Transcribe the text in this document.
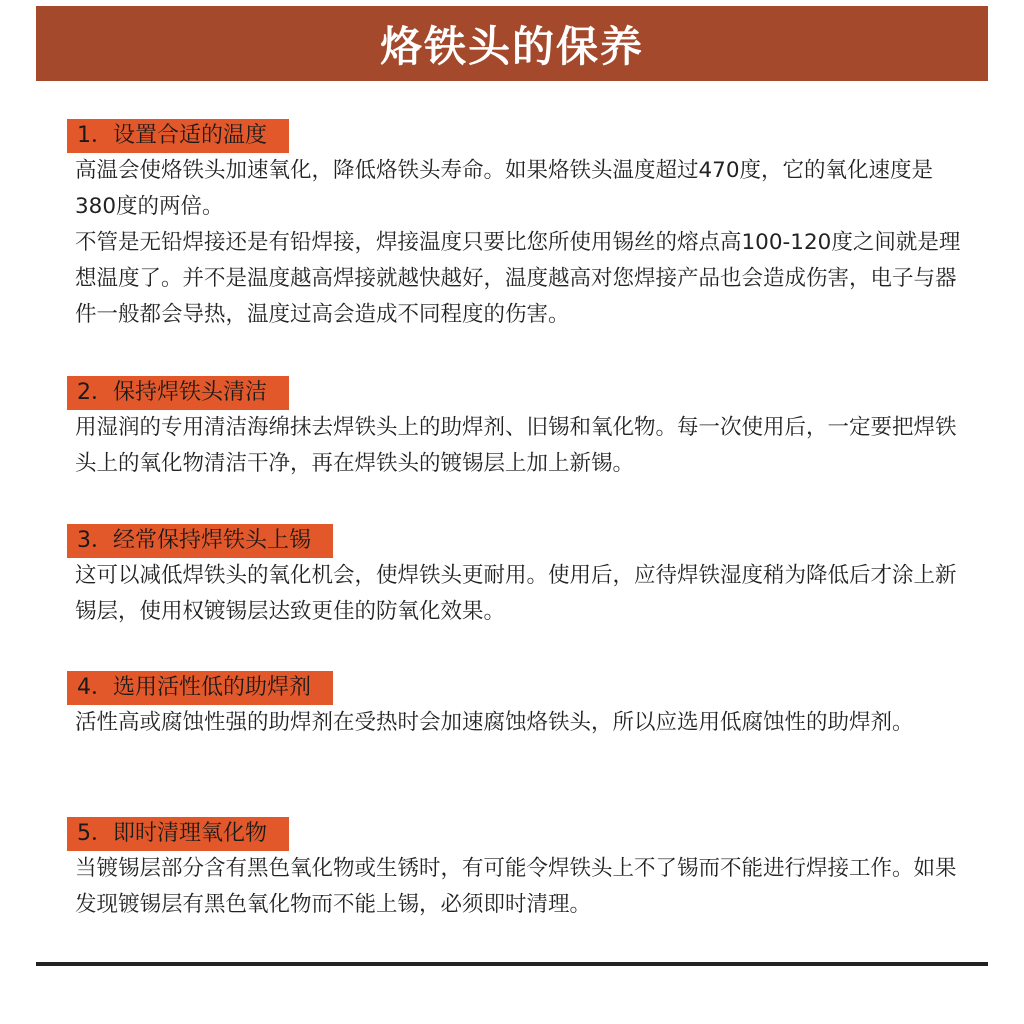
烙铁头的保养
1．设置合适的温度

高温会使烙铁头加速氧化，降低烙铁头寿命。如果烙铁头温度超过470度，它的氧化速度是380度的两倍。

不管是无铅焊接还是有铅焊接，焊接温度只要比您所使用锡丝的熔点高100-120度之间就是理想温度了。并不是温度越高焊接就越快越好，温度越高对您焊接产品也会造成伤害，电子与器件一般都会导热，温度过高会造成不同程度的伤害。

2．保持焊铁头清洁

用湿润的专用清洁海绵抹去焊铁头上的助焊剂、旧锡和氧化物。每一次使用后，一定要把焊铁头上的氧化物清洁干净，再在焊铁头的镀锡层上加上新锡。

3．经常保持焊铁头上锡

这可以减低焊铁头的氧化机会，使焊铁头更耐用。使用后，应待焊铁湿度稍为降低后才涂上新锡层，使用权镀锡层达致更佳的防氧化效果。

4．选用活性低的助焊剂

活性高或腐蚀性强的助焊剂在受热时会加速腐蚀烙铁头，所以应选用低腐蚀性的助焊剂。

5．即时清理氧化物

当镀锡层部分含有黑色氧化物或生锈时，有可能令焊铁头上不了锡而不能进行焊接工作。如果发现镀锡层有黑色氧化物而不能上锡，必须即时清理。
